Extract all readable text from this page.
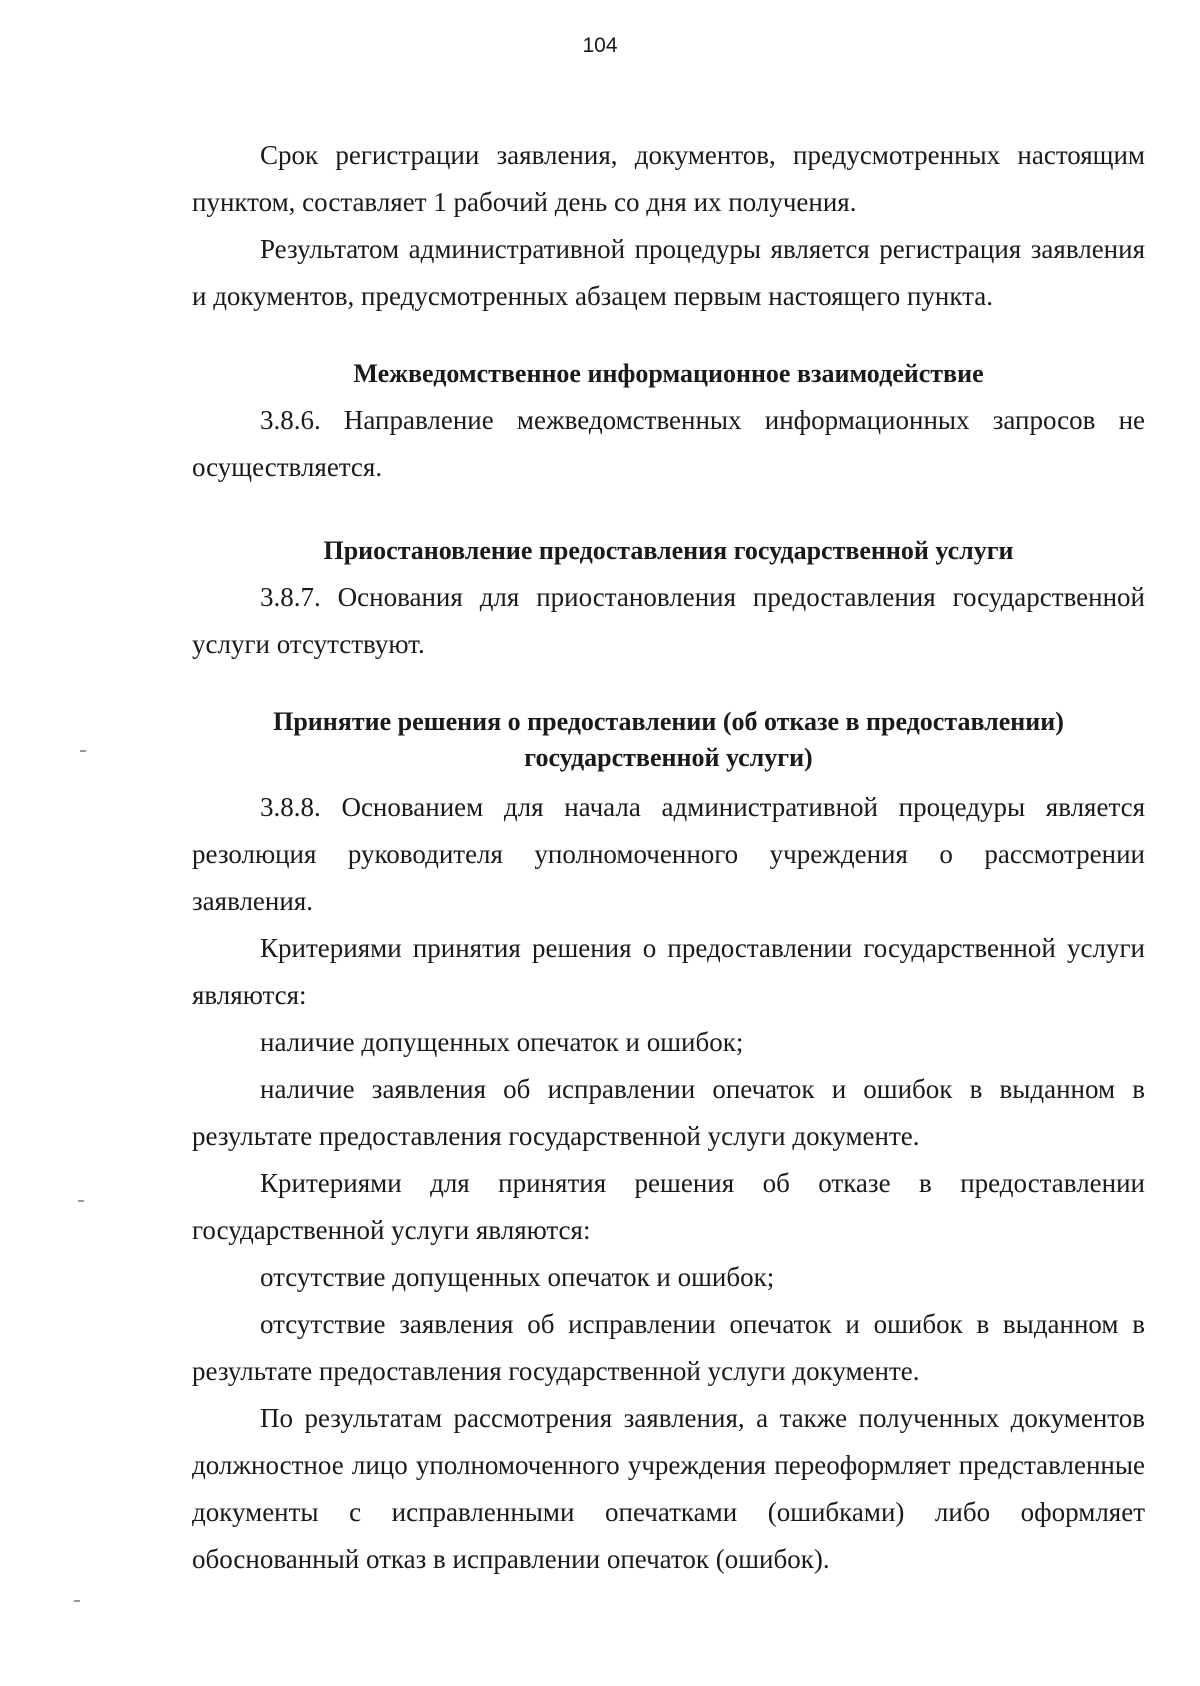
104

Срок регистрации заявления, документов, предусмотренных настоящим пунктом, составляет 1 рабочий день со дня их получения.

Результатом административной процедуры является регистрация заявления и документов, предусмотренных абзацем первым настоящего пункта.

Межведомственное информационное взаимодействие

3.8.6. Направление межведомственных информационных запросов не осуществляется.

Приостановление предоставления государственной услуги

3.8.7. Основания для приостановления предоставления государственной услуги отсутствуют.

Принятие решения о предоставлении (об отказе в предоставлении)

государственной услуги)

3.8.8. Основанием для начала административной процедуры является резолюция руководителя уполномоченного учреждения о рассмотрении заявления.

Критериями принятия решения о предоставлении государственной услуги являются:

наличие допущенных опечаток и ошибок;

наличие заявления об исправлении опечаток и ошибок в выданном в результате предоставления государственной услуги документе.

Критериями для принятия решения об отказе в предоставлении государственной услуги являются:

отсутствие допущенных опечаток и ошибок;

отсутствие заявления об исправлении опечаток и ошибок в выданном в результате предоставления государственной услуги документе.

По результатам рассмотрения заявления, а также полученных документов должностное лицо уполномоченного учреждения переоформляет представленные документы с исправленными опечатками (ошибками) либо оформляет обоснованный отказ в исправлении опечаток (ошибок).
